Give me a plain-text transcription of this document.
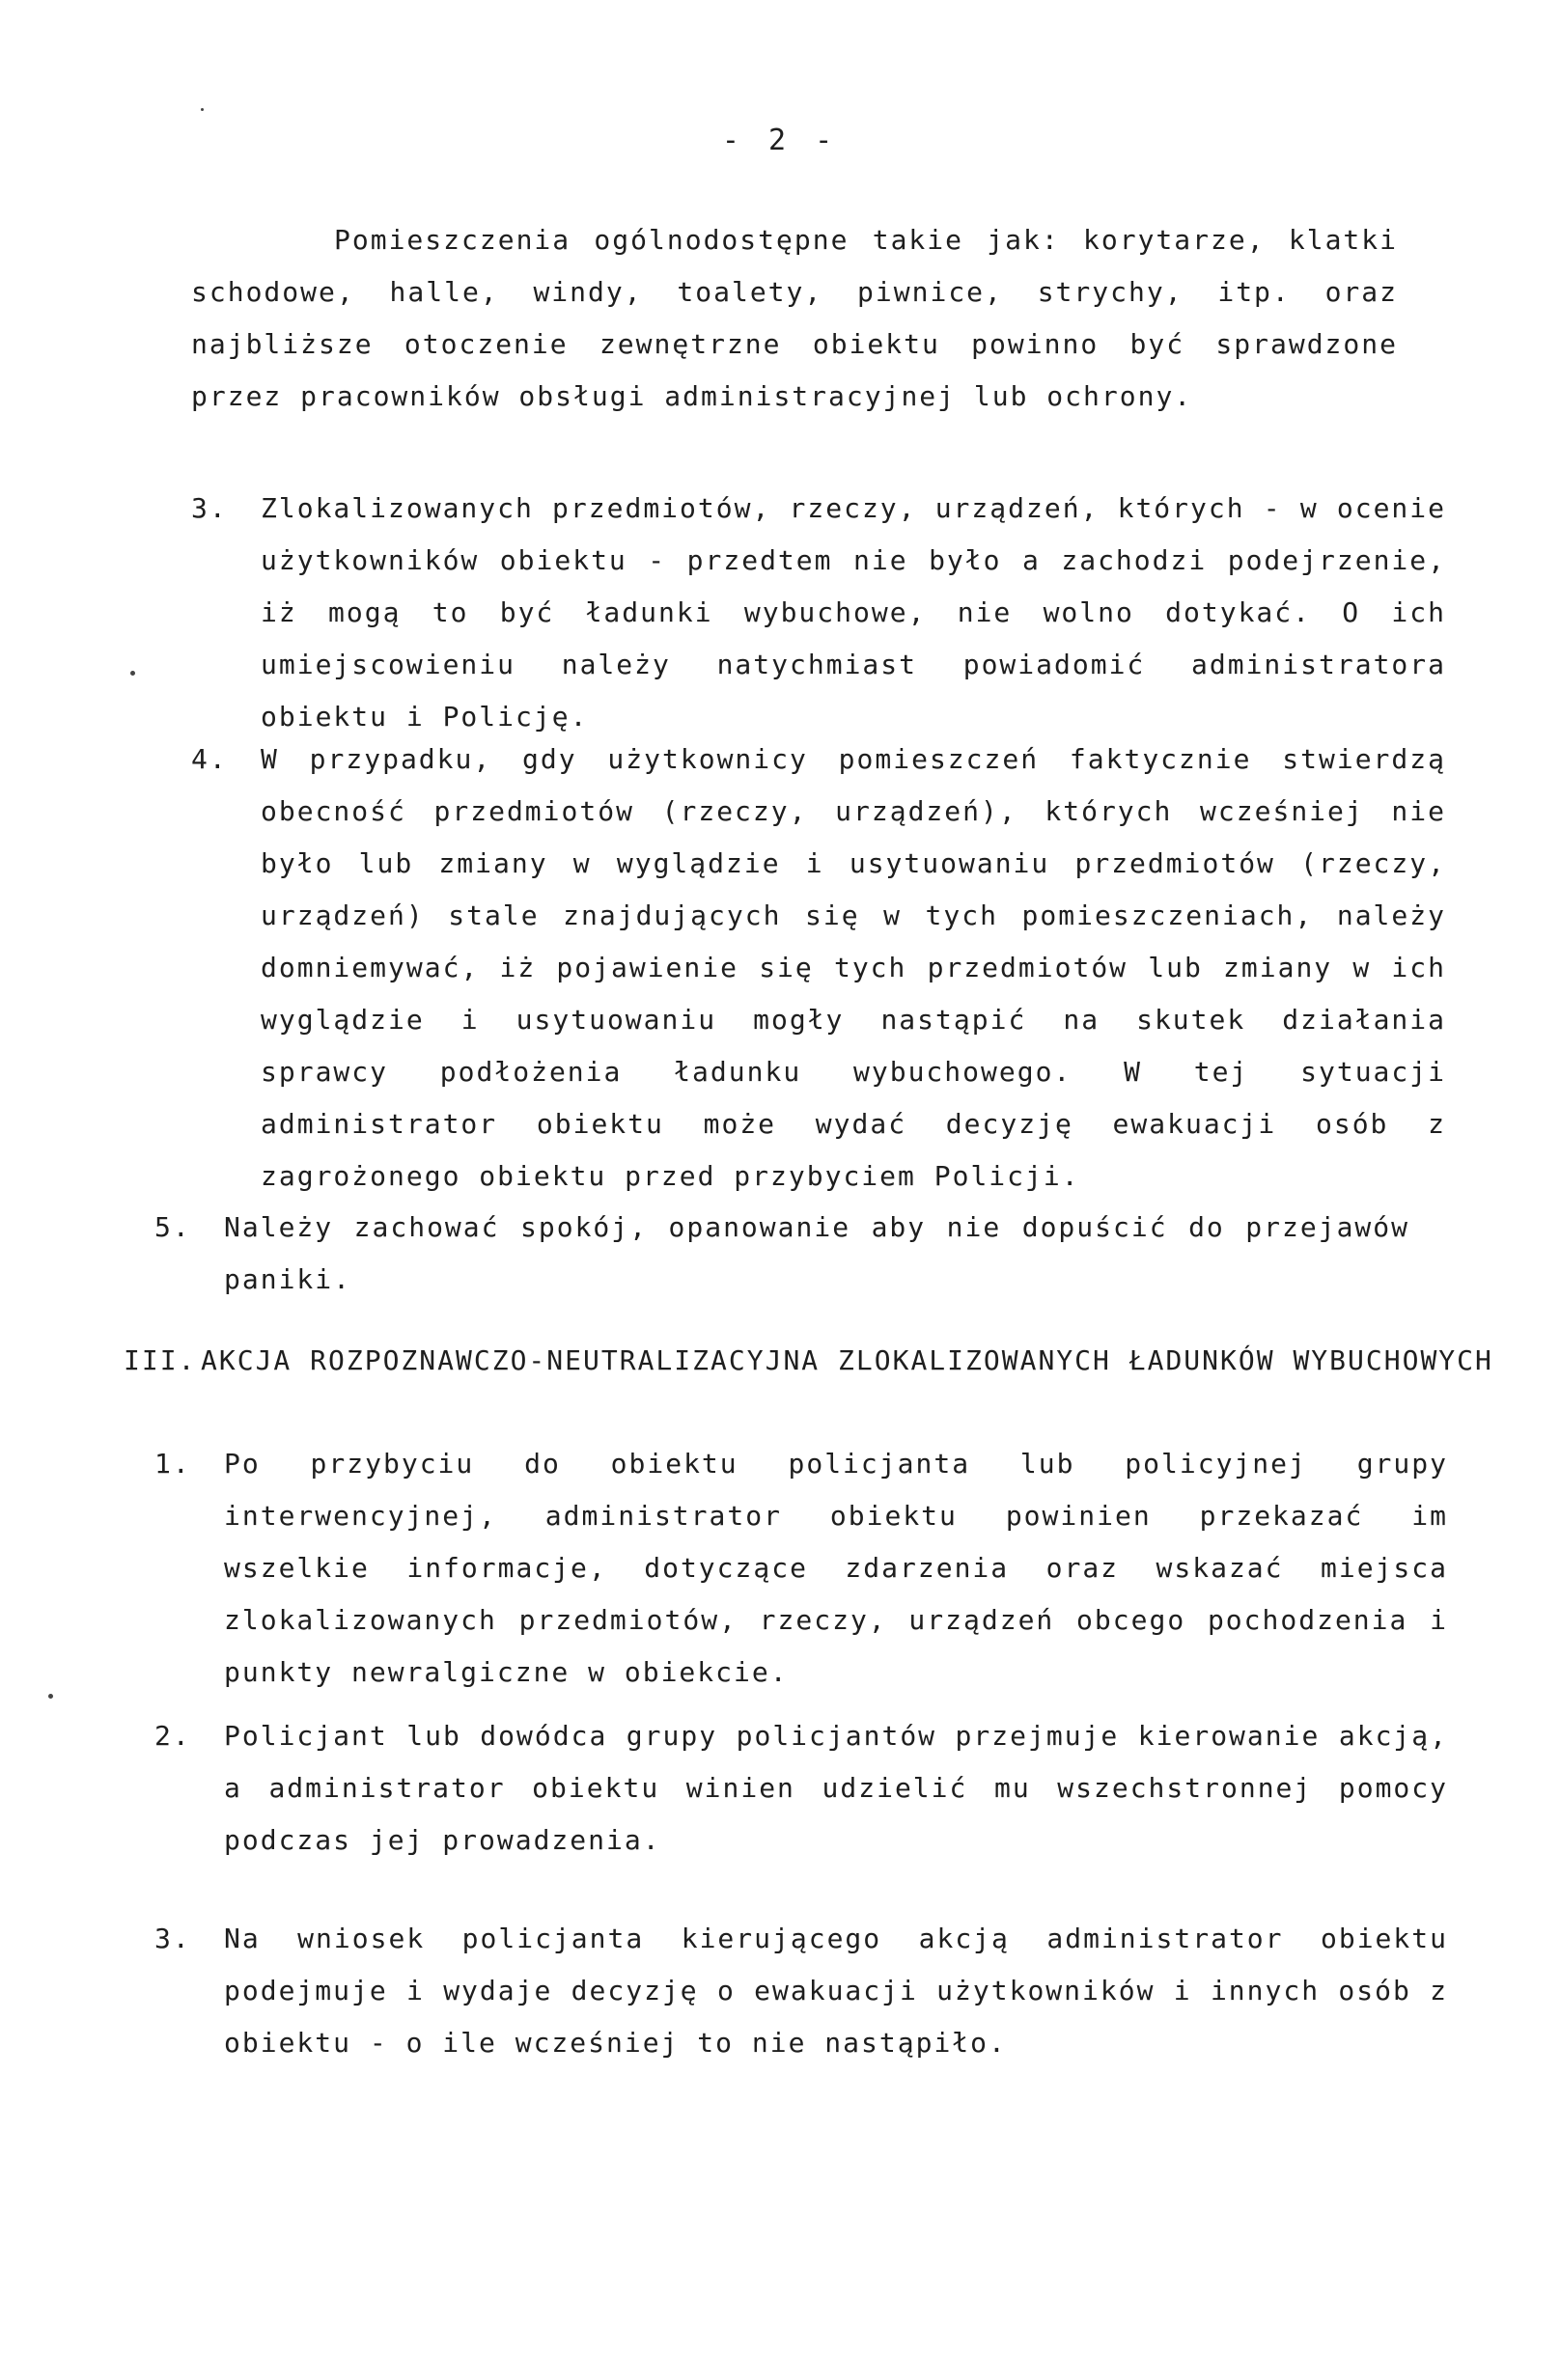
- 2 -

Pomieszczenia ogólnodostępne takie jak: korytarze, klatki schodowe, halle, windy, toalety, piwnice, strychy, itp. oraz najbliższe otoczenie zewnętrzne obiektu powinno być sprawdzone przez pracowników obsługi administracyjnej lub ochrony.

3.	Zlokalizowanych przedmiotów, rzeczy, urządzeń, których - w ocenie użytkowników obiektu - przedtem nie było a zachodzi podejrzenie, iż mogą to być ładunki wybuchowe, nie wolno dotykać. O ich umiejscowieniu należy natychmiast powiadomić administratora obiektu i Policję.
4.	W przypadku, gdy użytkownicy pomieszczeń faktycznie stwierdzą obecność przedmiotów (rzeczy, urządzeń), których wcześniej nie było lub zmiany w wyglądzie i usytuowaniu przedmiotów (rzeczy, urządzeń) stale znajdujących się w tych pomieszczeniach, należy domniemywać, iż pojawienie się tych przedmiotów lub zmiany w ich wyglądzie i usytuowaniu mogły nastąpić na skutek działania sprawcy podłożenia ładunku wybuchowego. W tej sytuacji administrator obiektu może wydać decyzję ewakuacji osób z zagrożonego obiektu przed przybyciem Policji.
5.	Należy zachować spokój, opanowanie aby nie dopuścić do przejawów paniki.
III. AKCJA ROZPOZNAWCZO-NEUTRALIZACYJNA ZLOKALIZOWANYCH ŁADUNKÓW WYBUCHOWYCH
1.	Po przybyciu do obiektu policjanta lub policyjnej grupy interwencyjnej, administrator obiektu powinien przekazać im wszelkie informacje, dotyczące zdarzenia oraz wskazać miejsca zlokalizowanych przedmiotów, rzeczy, urządzeń obcego pochodzenia i punkty newralgiczne w obiekcie.
2.	Policjant lub dowódca grupy policjantów przejmuje kierowanie akcją, a administrator obiektu winien udzielić mu wszechstronnej pomocy podczas jej prowadzenia.
3.	Na wniosek policjanta kierującego akcją administrator obiektu podejmuje i wydaje decyzję o ewakuacji użytkowników i innych osób z obiektu - o ile wcześniej to nie nastąpiło.
